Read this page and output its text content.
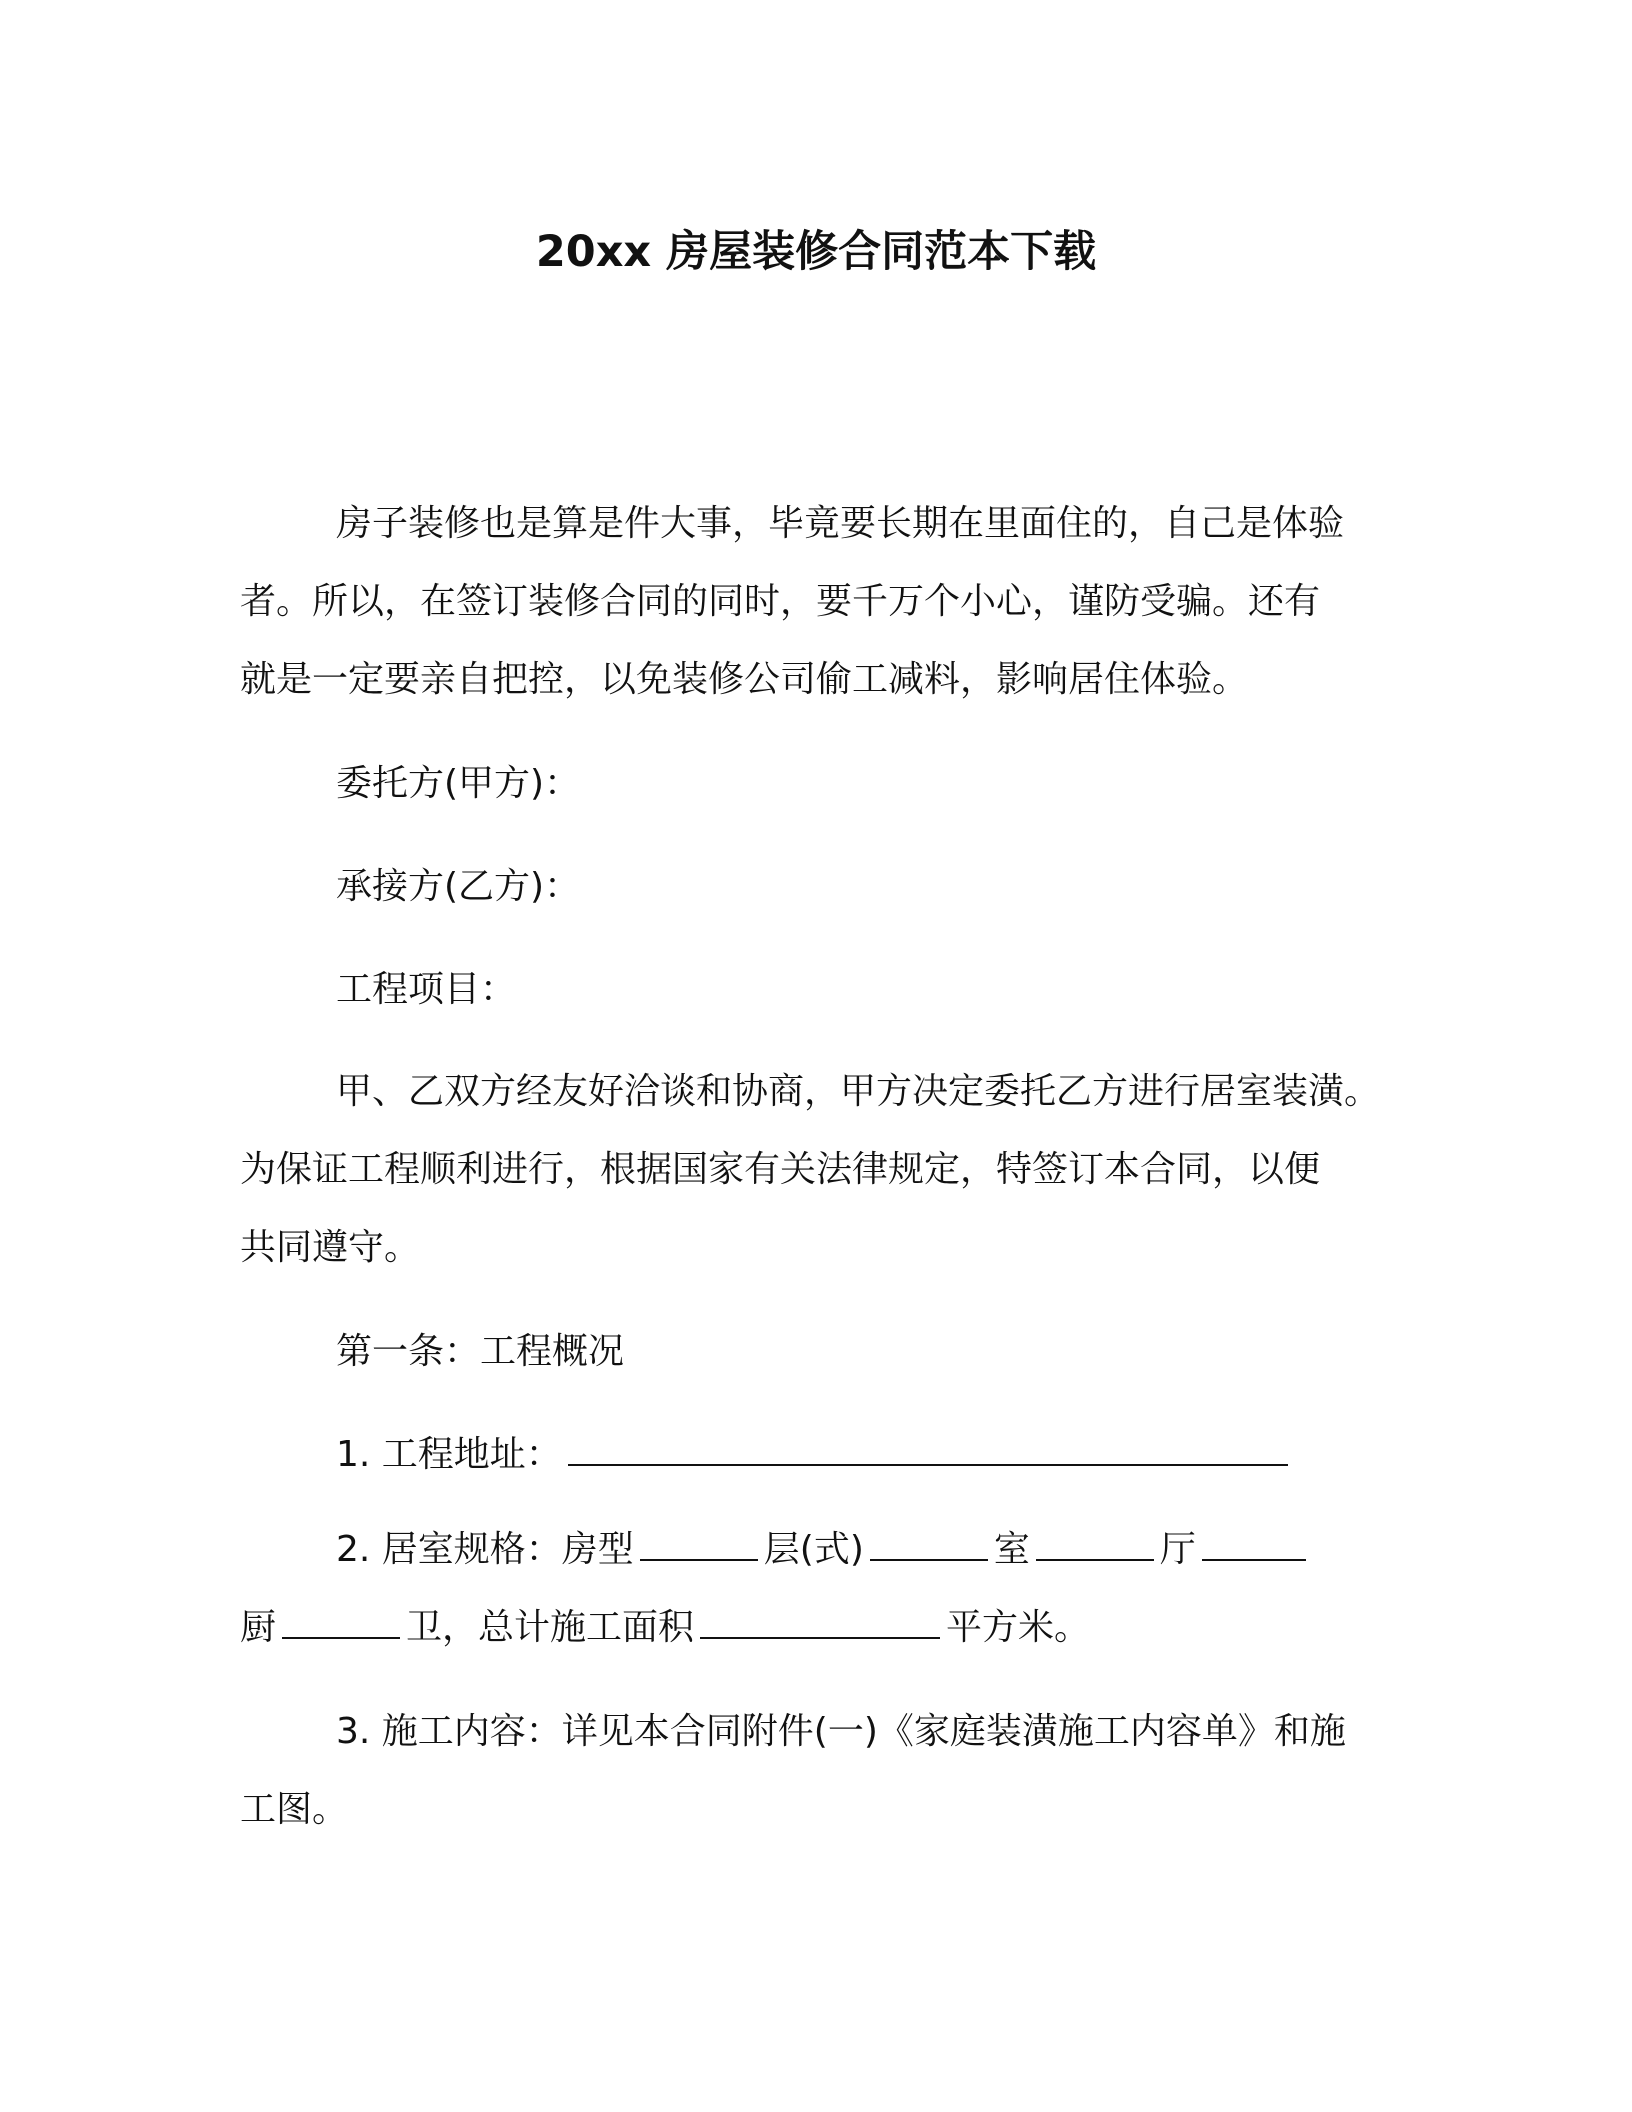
20xx 房屋装修合同范本下载
房子装修也是算是件大事，毕竟要长期在里面住的，自己是体验
者。所以，在签订装修合同的同时，要千万个小心，谨防受骗。还有
就是一定要亲自把控，以免装修公司偷工减料，影响居住体验。
委托方(甲方)：
承接方(乙方)：
工程项目：
甲、乙双方经友好洽谈和协商，甲方决定委托乙方进行居室装潢。
为保证工程顺利进行，根据国家有关法律规定，特签订本合同，以便
共同遵守。
第一条：工程概况
1. 工程地址：
2. 居室规格：房型	层(式)	室	厅
厨	卫，总计施工面积	平方米。
3. 施工内容：详见本合同附件(一)《家庭装潢施工内容单》和施
工图。
